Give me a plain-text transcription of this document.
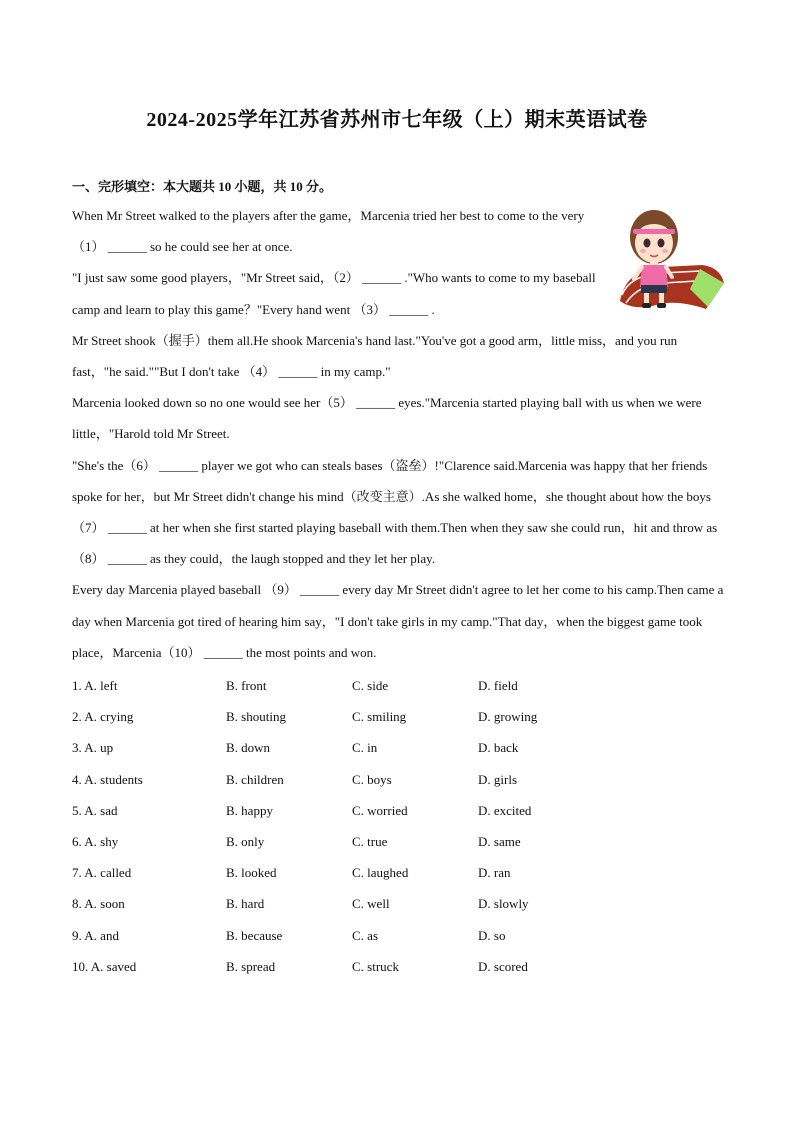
2024-2025学年江苏省苏州市七年级（上）期末英语试卷
一、完形填空：本大题共 10 小题，共 10 分。

When Mr Street walked to the players after the game，Marcenia tried her best to come to the very（1） ______ so he could see her at once.

"I just saw some good players，"Mr Street said，（2） ______ ."Who wants to come to my baseball camp and learn to play this game？"Every hand went （3） ______ .

Mr Street shook（握手）them all.He shook Marcenia's hand last."You've got a good arm，little miss，and you run fast，"he said.""But I don't take （4） ______ in my camp."

Marcenia looked down so no one would see her（5） ______ eyes."Marcenia started playing ball with us when we were little，"Harold told Mr Street.

"She's the（6） ______ player we got who can steals bases（盗垒）!"Clarence said.Marcenia was happy that her friends spoke for her，but Mr Street didn't change his mind（改变主意）.As she walked home，she thought about how the boys （7） ______ at her when she first started playing baseball with them.Then when they saw she could run，hit and throw as （8） ______ as they could，the laugh stopped and they let her play.

Every day Marcenia played baseball （9） ______ every day Mr Street didn't agree to let her come to his camp.Then came a day when Marcenia got tired of hearing him say，"I don't take girls in my camp."That day，when the biggest game took place，Marcenia（10） ______ the most points and won.

1. A. left	B. front	C. side	D. field
2. A. crying	B. shouting	C. smiling	D. growing
3. A. up	B. down	C. in	D. back
4. A. students	B. children	C. boys	D. girls
5. A. sad	B. happy	C. worried	D. excited
6. A. shy	B. only	C. true	D. same
7. A. called	B. looked	C. laughed	D. ran
8. A. soon	B. hard	C. well	D. slowly
9. A. and	B. because	C. as	D. so
10. A. saved	B. spread	C. struck	D. scored
